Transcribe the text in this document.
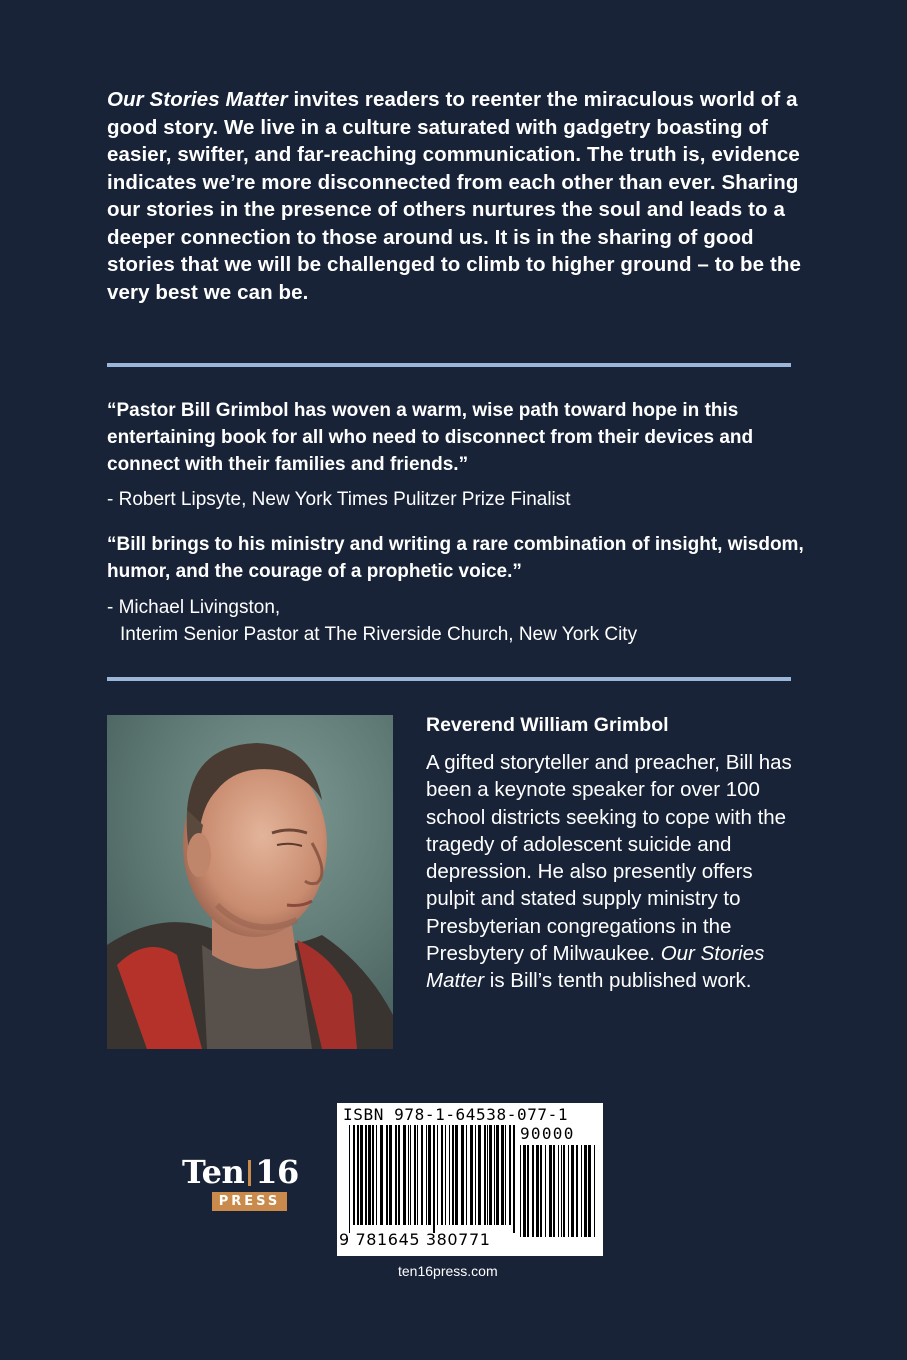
Our Stories Matter invites readers to reenter the miraculous world of a good story. We live in a culture saturated with gadgetry boasting of easier, swifter, and far-reaching communication. The truth is, evidence indicates we’re more disconnected from each other than ever. Sharing our stories in the presence of others nurtures the soul and leads to a deeper connection to those around us. It is in the sharing of good stories that we will be challenged to climb to higher ground – to be the very best we can be.
“Pastor Bill Grimbol has woven a warm, wise path toward hope in this entertaining book for all who need to disconnect from their devices and connect with their families and friends.”
- Robert Lipsyte, New York Times Pulitzer Prize Finalist
“Bill brings to his ministry and writing a rare combination of insight, wisdom, humor, and the courage of a prophetic voice.”
- Michael Livingston,
Interim Senior Pastor at The Riverside Church, New York City
Reverend William Grimbol
A gifted storyteller and preacher, Bill has been a keynote speaker for over 100 school districts seeking to cope with the tragedy of adolescent suicide and depression. He also presently offers pulpit and stated supply ministry to Presbyterian congregations in the Presbytery of Milwaukee. Our Stories Matter is Bill’s tenth published work.
Ten 16
PRESS
ISBN 978-1-64538-077-1
90000
9 781645 380771
ten16press.com
